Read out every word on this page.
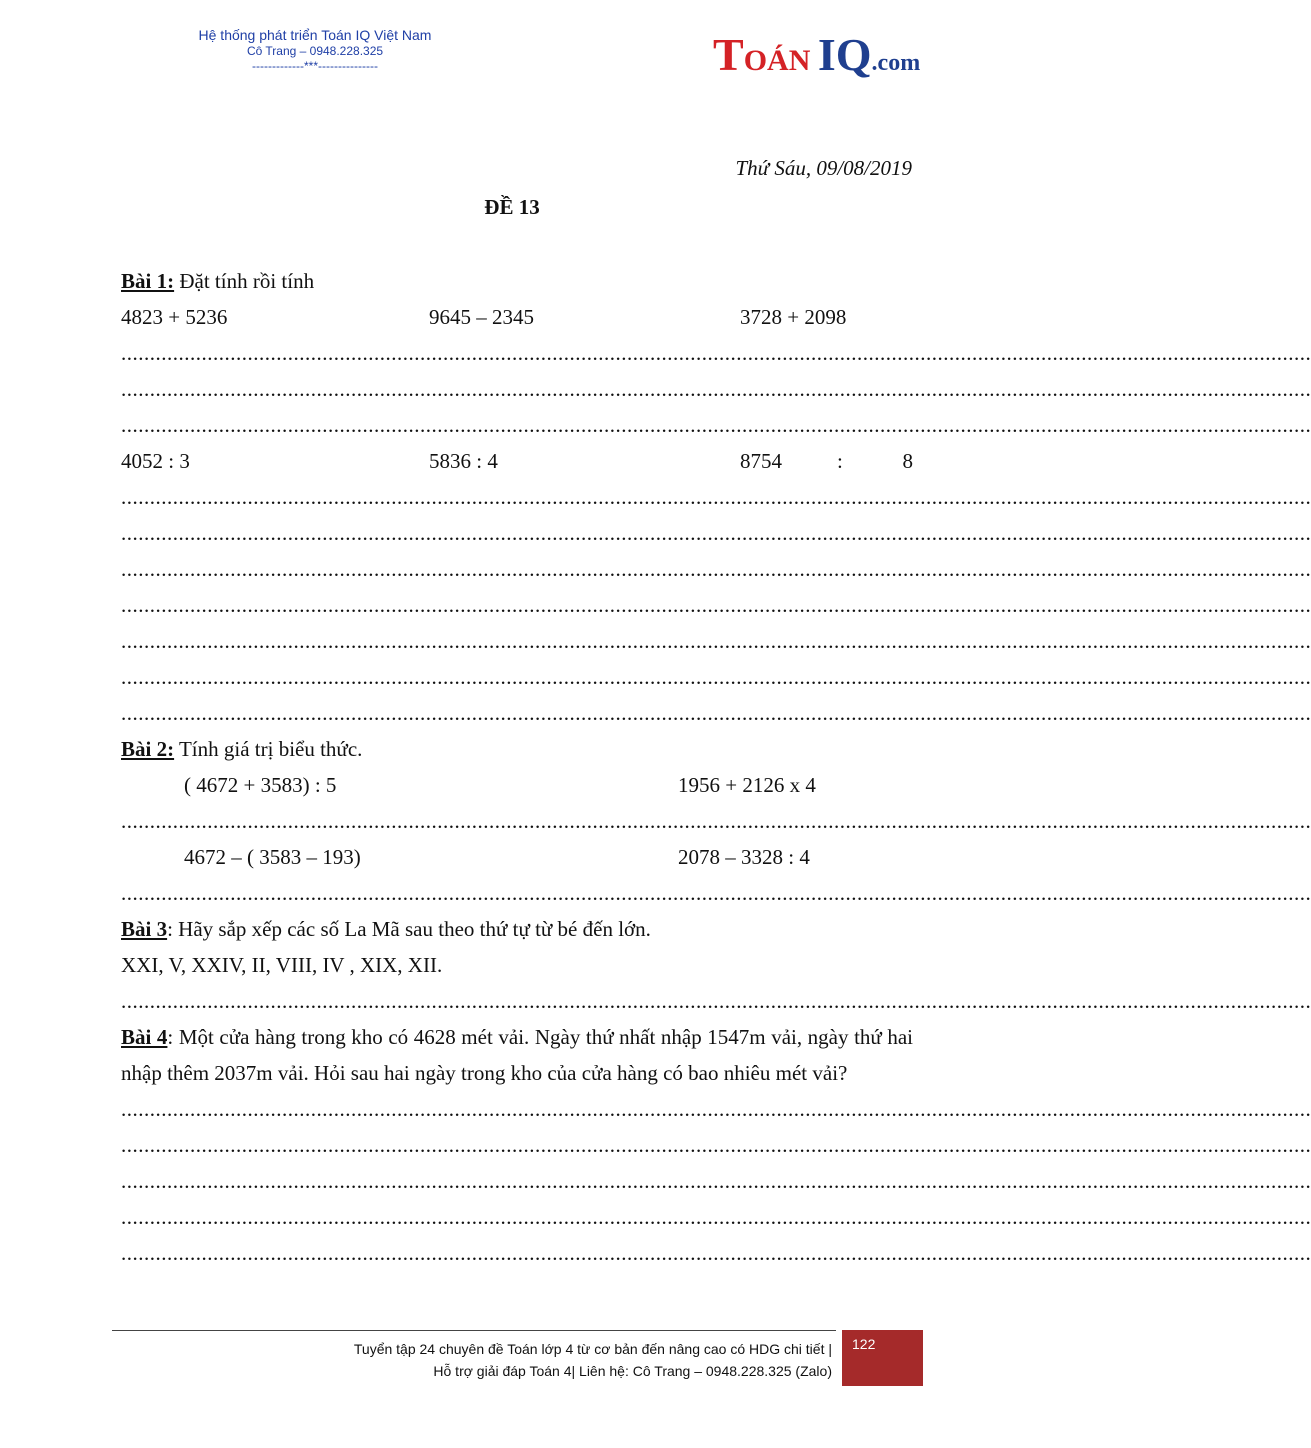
Hệ thống phát triển Toán IQ Việt Nam
Cô Trang – 0948.228.325
-------------***---------------	TOÁN IQ.com
Thứ Sáu, 09/08/2019
ĐỀ 13
Bài 1: Đặt tính rồi tính
4823 + 5236	9645 – 2345	3728 + 2098
...............................................................................................................................................................................................................
...............................................................................................................................................................................................................
...............................................................................................................................................................................................................
4052 : 3	5836 : 4	8754	:	8
...............................................................................................................................................................................................................
...............................................................................................................................................................................................................
...............................................................................................................................................................................................................
...............................................................................................................................................................................................................
...............................................................................................................................................................................................................
...............................................................................................................................................................................................................
...............................................................................................................................................................................................................
Bài 2: Tính giá trị biểu thức.
( 4672 + 3583) : 5	1956 + 2126 x 4
...............................................................................................................................................................................................................
4672 – ( 3583 – 193)	2078 – 3328 : 4
...............................................................................................................................................................................................................
Bài 3: Hãy sắp xếp các số La Mã sau theo thứ tự từ bé đến lớn.
XXI, V, XXIV, II, VIII, IV , XIX, XII.
...............................................................................................................................................................................................................
Bài 4: Một cửa hàng trong kho có 4628 mét vải. Ngày thứ nhất nhập 1547m vải, ngày thứ hai nhập thêm 2037m vải. Hỏi sau hai ngày trong kho của cửa hàng có bao nhiêu mét vải?
...............................................................................................................................................................................................................
...............................................................................................................................................................................................................
...............................................................................................................................................................................................................
...............................................................................................................................................................................................................
...............................................................................................................................................................................................................
Tuyển tập 24 chuyên đề Toán lớp 4 từ cơ bản đến nâng cao có HDG chi tiết |
Hỗ trợ giải đáp Toán 4| Liên hệ: Cô Trang – 0948.228.325 (Zalo)
122
